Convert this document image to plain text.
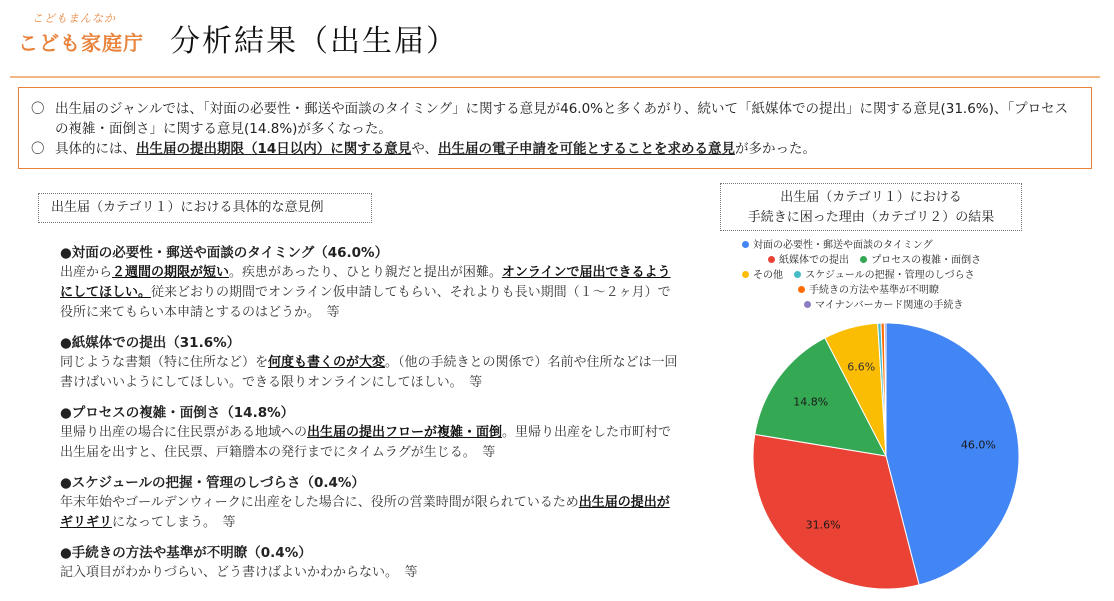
こどもまんなか
こども家庭庁 分析結果（出生届）
〇 出生届のジャンルでは、「対面の必要性・郵送や面談のタイミング」に関する意見が46.0%と多くあがり、続いて「紙媒体での提出」に関する意見(31.6%)、「プロセスの複雑・面倒さ」に関する意見(14.8%)が多くなった。
〇 具体的には、出生届の提出期限（14日以内）に関する意見や、出生届の電子申請を可能とすることを求める意見が多かった。
出生届（カテゴリ１）における具体的な意見例
●対面の必要性・郵送や面談のタイミング（46.0%）
出産から２週間の期限が短い。疾患があったり、ひとり親だと提出が困難。オンラインで届出できるようにしてほしい。従来どおりの期間でオンライン仮申請してもらい、それよりも長い期間（１～２ヶ月）で役所に来てもらい本申請とするのはどうか。　等
●紙媒体での提出（31.6%）
同じような書類（特に住所など）を何度も書くのが大変。（他の手続きとの関係で）名前や住所などは一回書けばいいようにしてほしい。できる限りオンラインにしてほしい。　等
●プロセスの複雑・面倒さ（14.8%）
里帰り出産の場合に住民票がある地域への出生届の提出フローが複雑・面倒。里帰り出産をした市町村で出生届を出すと、住民票、戸籍謄本の発行までにタイムラグが生じる。　等
●スケジュールの把握・管理のしづらさ（0.4%）
年末年始やゴールデンウィークに出産をした場合に、役所の営業時間が限られているため出生届の提出がギリギリになってしまう。　等
●手続きの方法や基準が不明瞭（0.4%）
記入項目がわかりづらい、どう書けばよいかわからない。　等
出生届（カテゴリ１）における
手続きに困った理由（カテゴリ２）の結果
対面の必要性・郵送や面談のタイミング
紙媒体での提出 プロセスの複雑・面倒さ
その他 スケジュールの把握・管理のしづらさ
手続きの方法や基準が不明瞭
マイナンバーカード関連の手続き
46.0%
31.6%
14.8%
6.6%
